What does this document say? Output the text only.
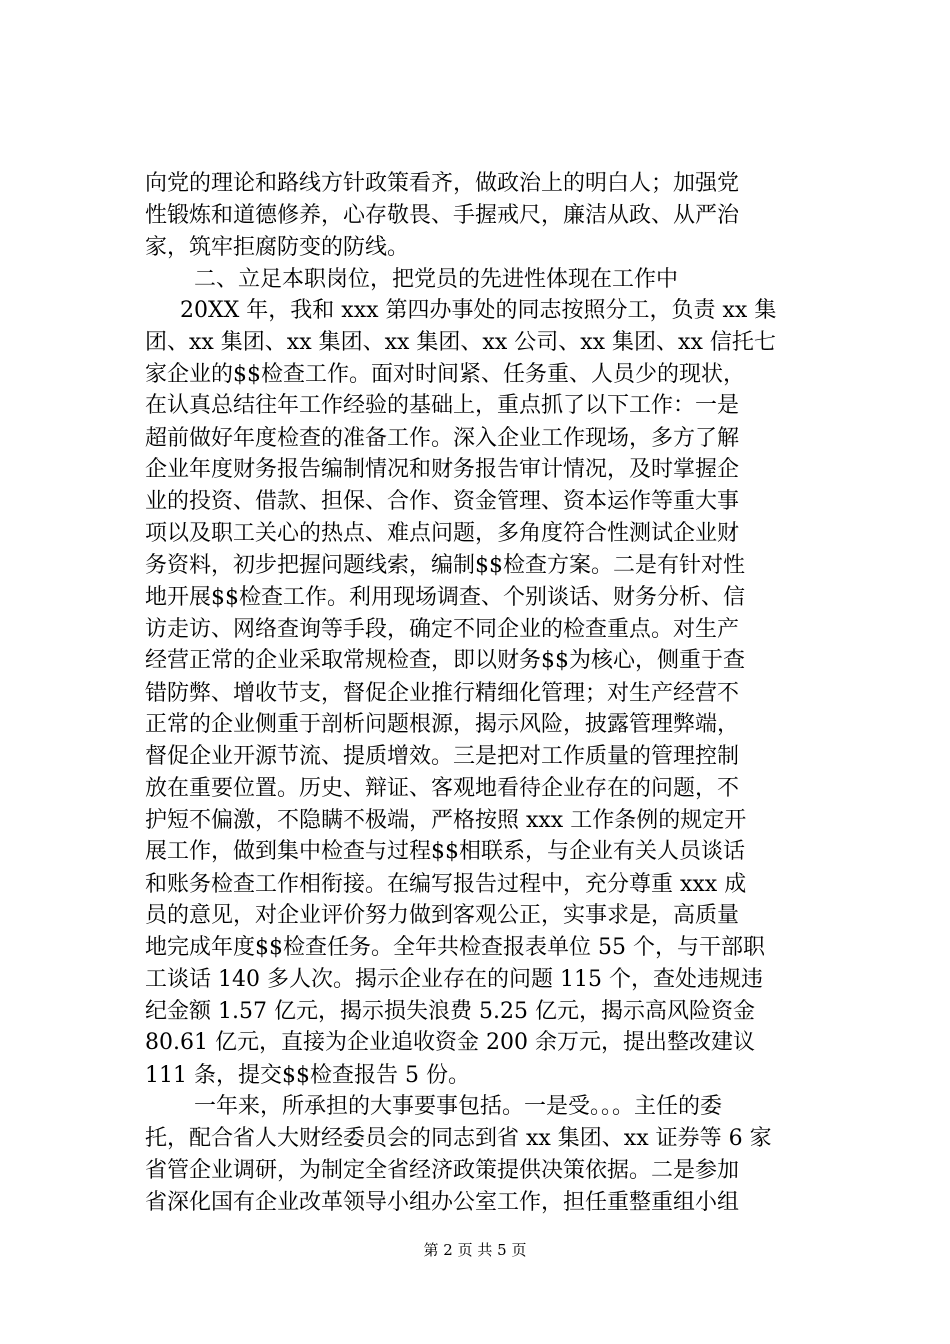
向党的理论和路线方针政策看齐，做政治上的明白人；加强党
性锻炼和道德修养，心存敬畏、手握戒尺，廉洁从政、从严治
家，筑牢拒腐防变的防线。
二、立足本职岗位，把党员的先进性体现在工作中
20XX 年，我和 xxx 第四办事处的同志按照分工，负责 xx 集
团、xx 集团、xx 集团、xx 集团、xx 公司、xx 集团、xx 信托七
家企业的$$检查工作。面对时间紧、任务重、人员少的现状，
在认真总结往年工作经验的基础上，重点抓了以下工作：一是
超前做好年度检查的准备工作。深入企业工作现场，多方了解
企业年度财务报告编制情况和财务报告审计情况，及时掌握企
业的投资、借款、担保、合作、资金管理、资本运作等重大事
项以及职工关心的热点、难点问题，多角度符合性测试企业财
务资料，初步把握问题线索，编制$$检查方案。二是有针对性
地开展$$检查工作。利用现场调查、个别谈话、财务分析、信
访走访、网络查询等手段，确定不同企业的检查重点。对生产
经营正常的企业采取常规检查，即以财务$$为核心，侧重于查
错防弊、增收节支，督促企业推行精细化管理；对生产经营不
正常的企业侧重于剖析问题根源，揭示风险，披露管理弊端，
督促企业开源节流、提质增效。三是把对工作质量的管理控制
放在重要位置。历史、辩证、客观地看待企业存在的问题，不
护短不偏激，不隐瞒不极端，严格按照 xxx 工作条例的规定开
展工作，做到集中检查与过程$$相联系，与企业有关人员谈话
和账务检查工作相衔接。在编写报告过程中，充分尊重 xxx 成
员的意见，对企业评价努力做到客观公正，实事求是，高质量
地完成年度$$检查任务。全年共检查报表单位 55 个，与干部职
工谈话 140 多人次。揭示企业存在的问题 115 个，查处违规违
纪金额 1.57 亿元，揭示损失浪费 5.25 亿元，揭示高风险资金
80.61 亿元，直接为企业追收资金 200 余万元，提出整改建议
111 条，提交$$检查报告 5 份。
一年来，所承担的大事要事包括。一是受。。。主任的委
托，配合省人大财经委员会的同志到省 xx 集团、xx 证券等 6 家
省管企业调研，为制定全省经济政策提供决策依据。二是参加
省深化国有企业改革领导小组办公室工作，担任重整重组小组
第 2 页 共 5 页
